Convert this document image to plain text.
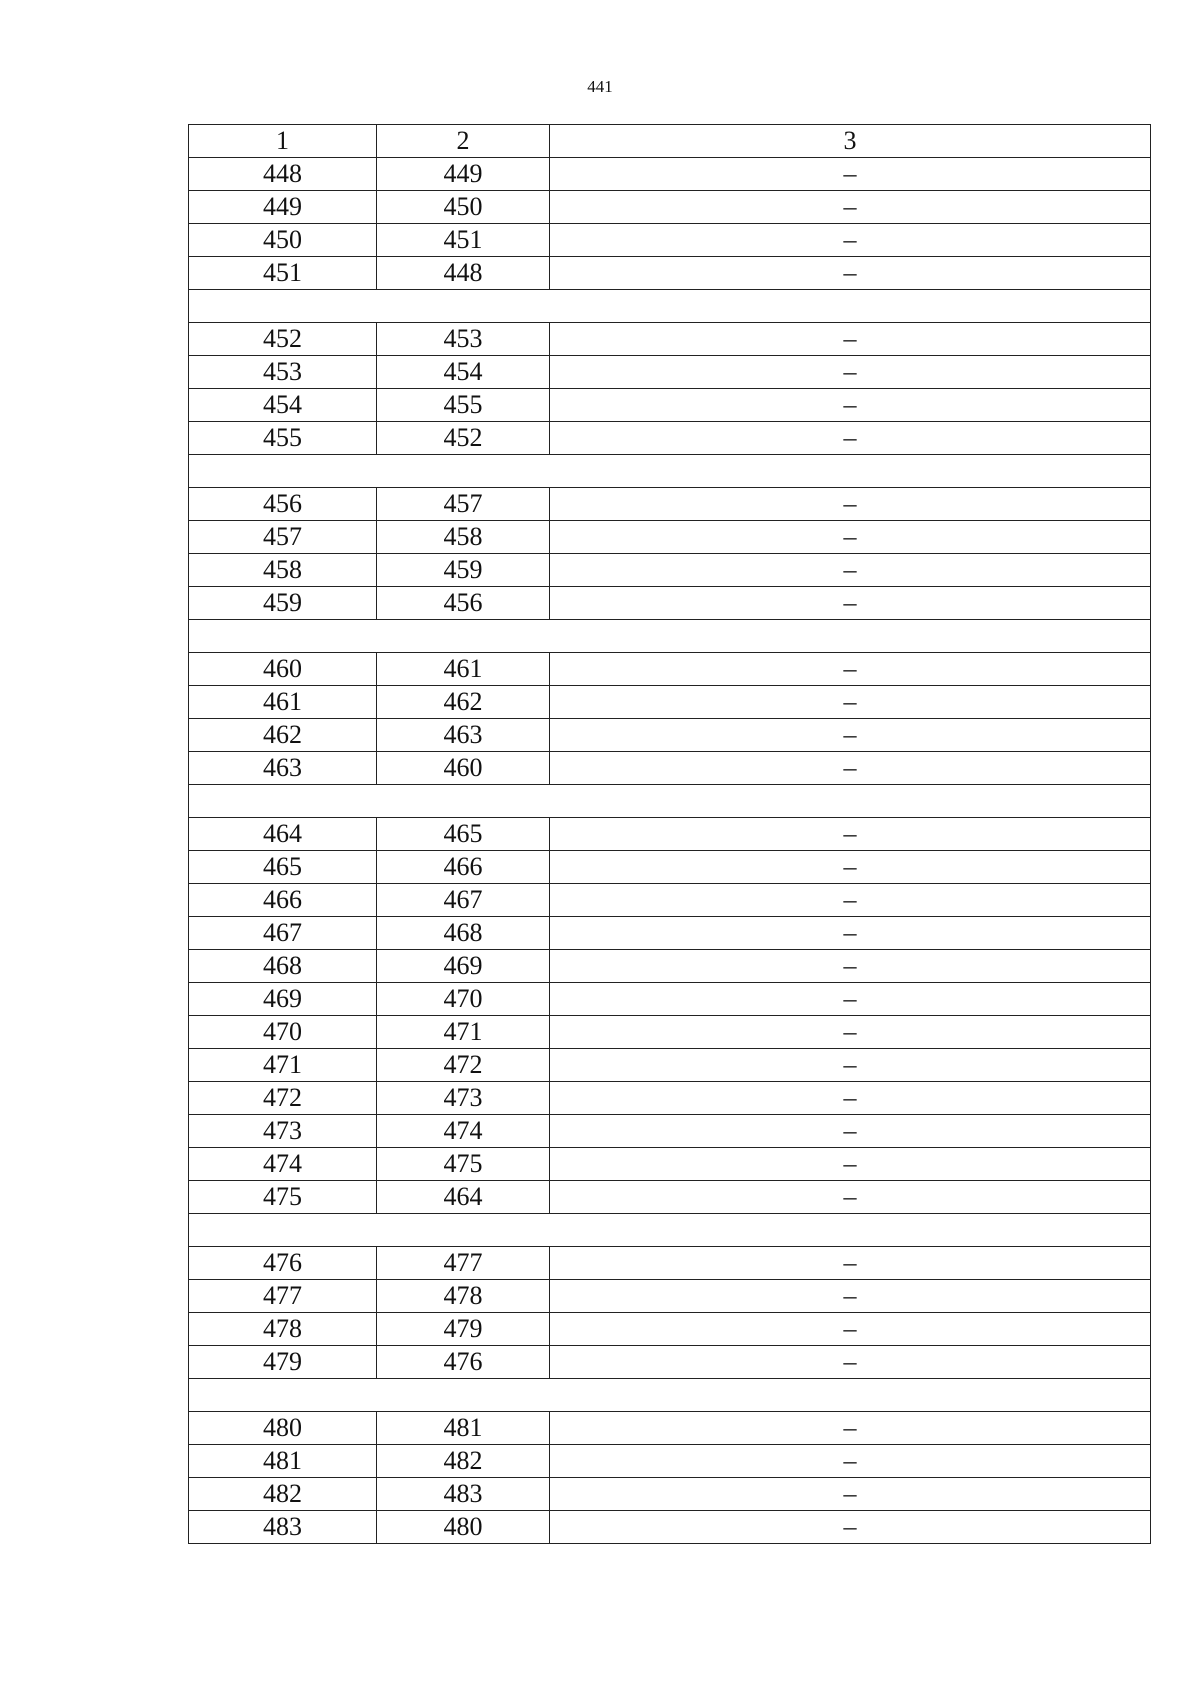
441
1	2	3
448	449	–
449	450	–
450	451	–
451	448	–

452	453	–
453	454	–
454	455	–
455	452	–

456	457	–
457	458	–
458	459	–
459	456	–

460	461	–
461	462	–
462	463	–
463	460	–

464	465	–
465	466	–
466	467	–
467	468	–
468	469	–
469	470	–
470	471	–
471	472	–
472	473	–
473	474	–
474	475	–
475	464	–

476	477	–
477	478	–
478	479	–
479	476	–

480	481	–
481	482	–
482	483	–
483	480	–
